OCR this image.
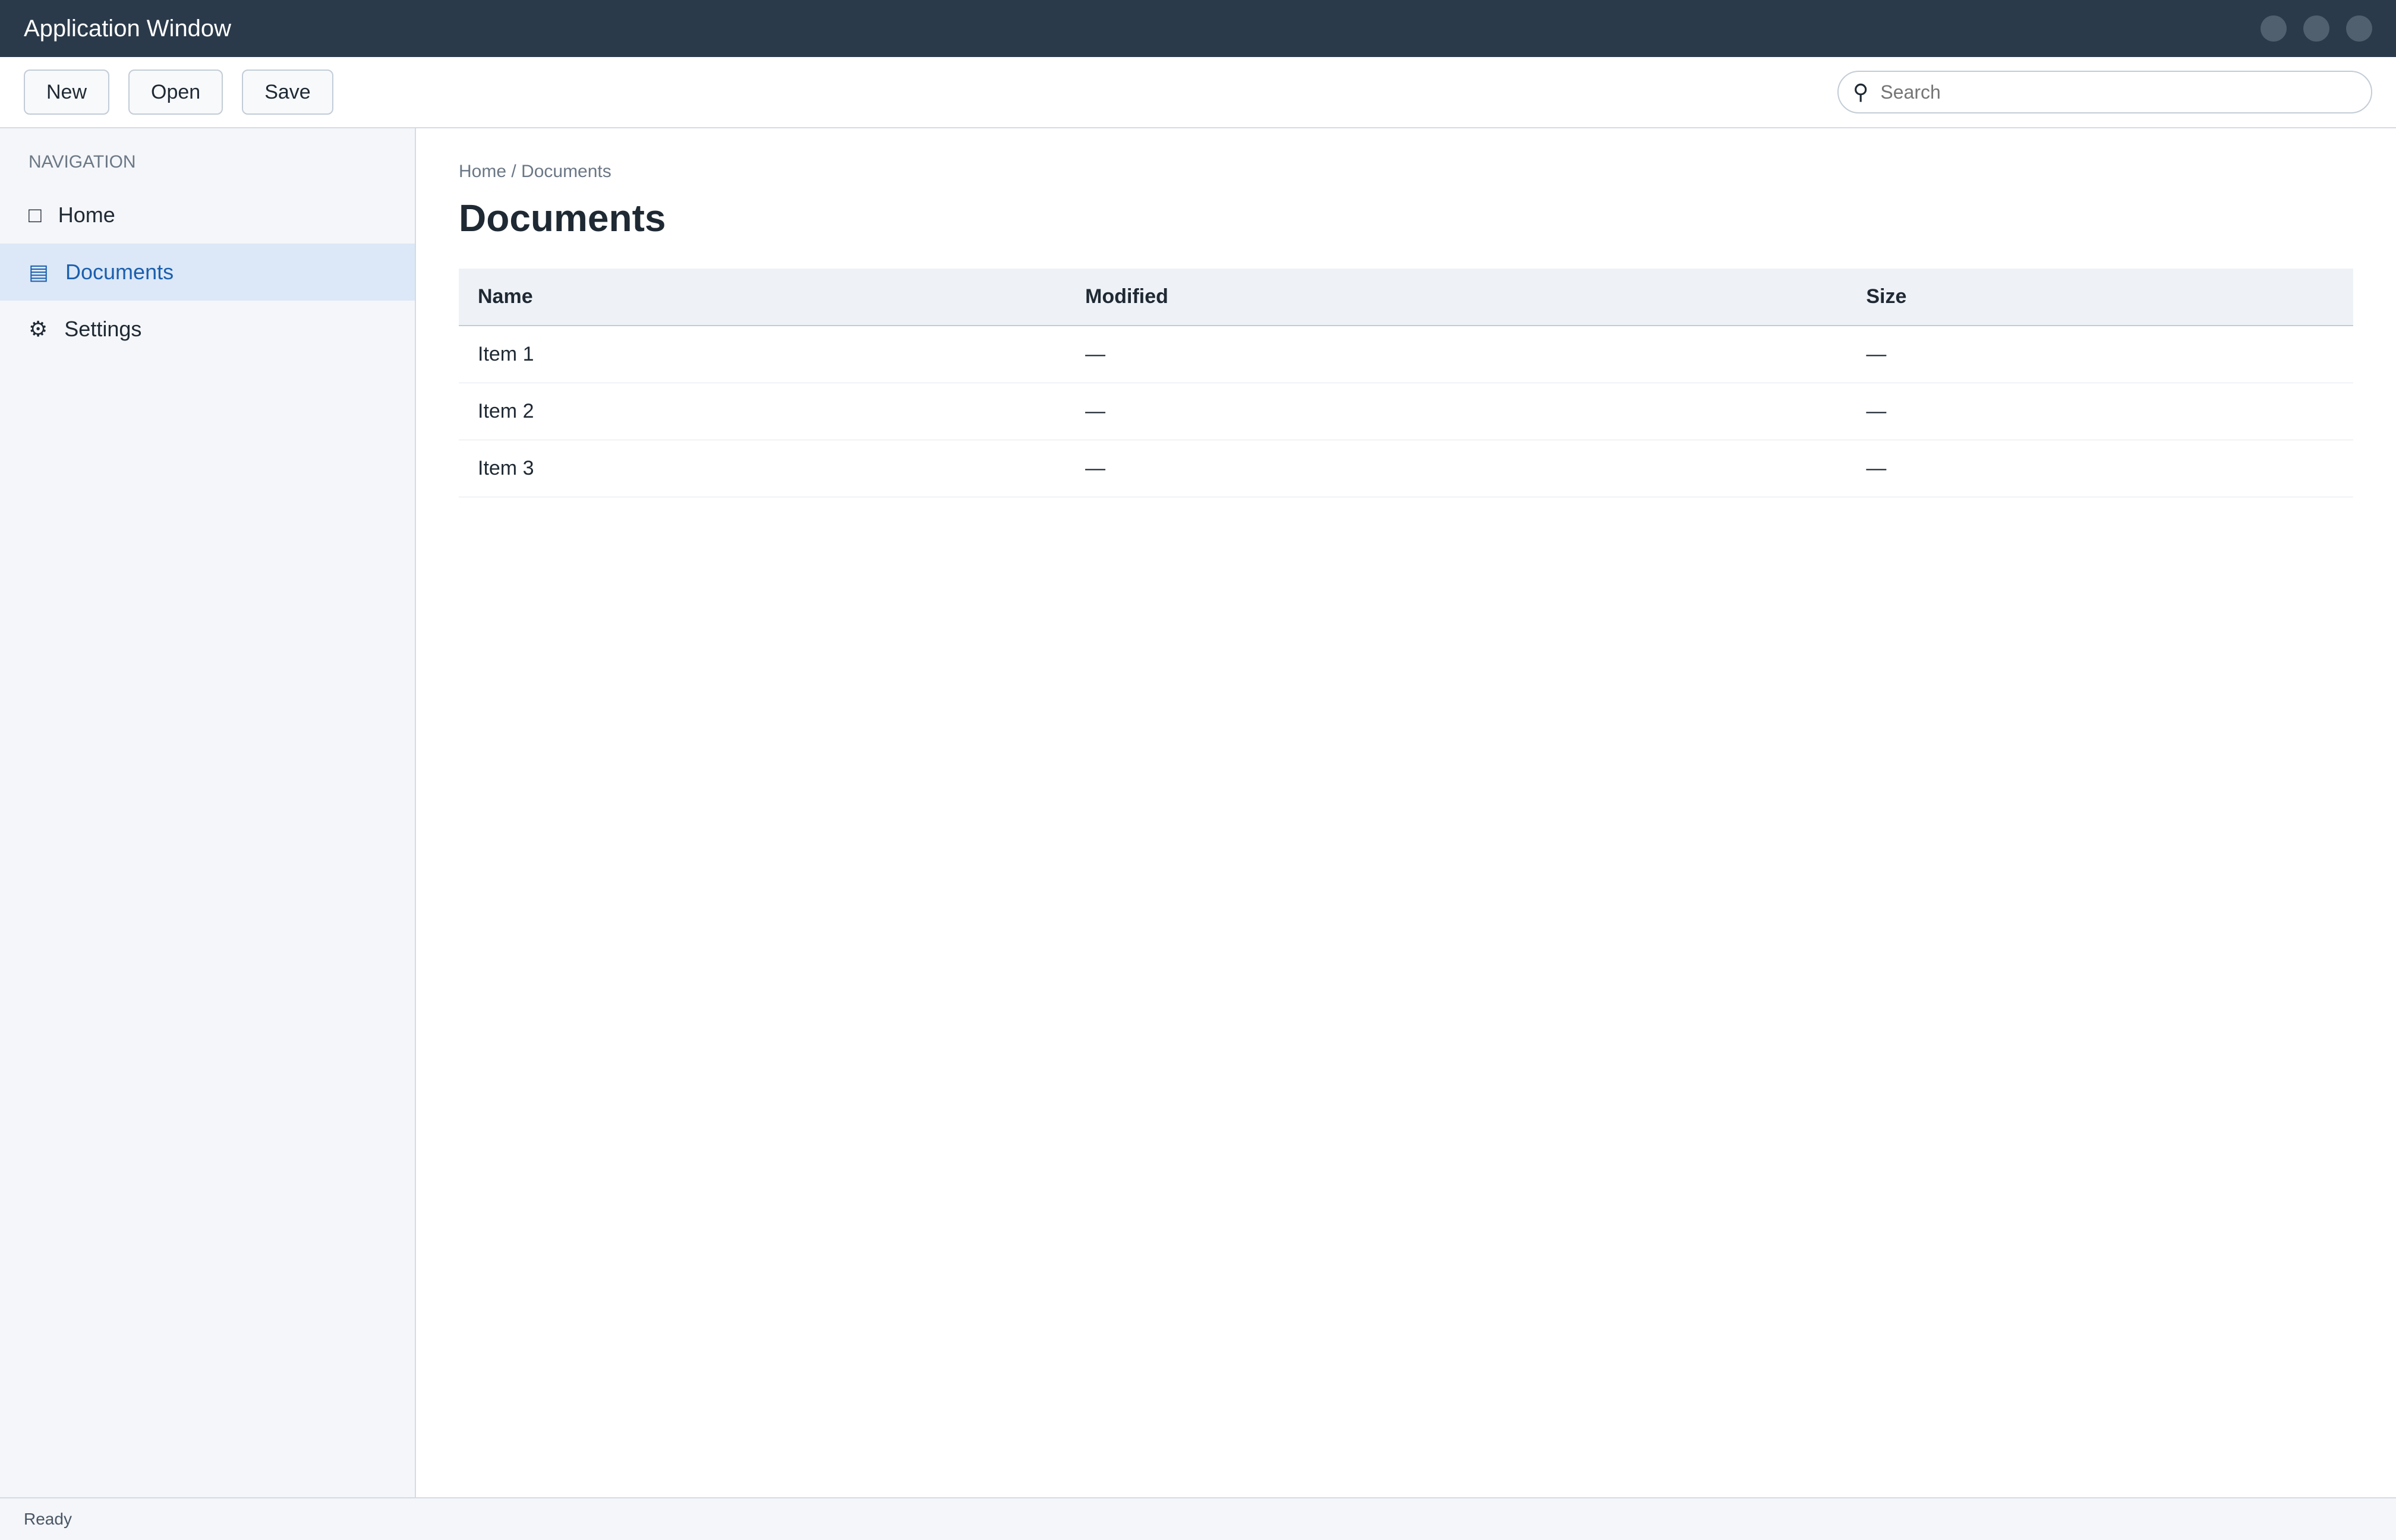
Application Window
New	Open	Save	⚲
Search
NAVIGATION
□ Home
▤ Documents
⚙ Settings
Home / Documents
Documents
Name	Modified	Size
Item 1	—	—
Item 2	—	—
Item 3	—	—
Ready
